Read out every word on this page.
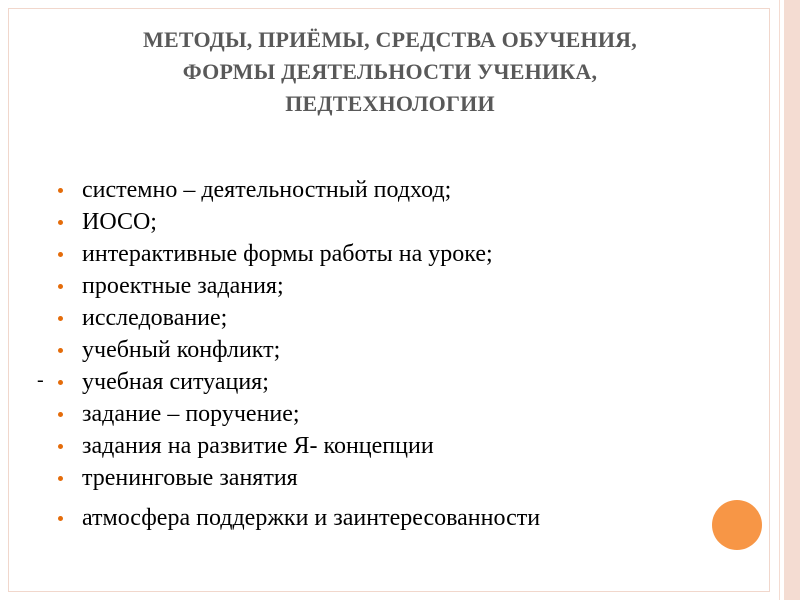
МЕТОДЫ, ПРИЁМЫ, СРЕДСТВА ОБУЧЕНИЯ,
ФОРМЫ ДЕЯТЕЛЬНОСТИ УЧЕНИКА,
ПЕДТЕХНОЛОГИИ
системно – деятельностный подход;
ИОСО;
интерактивные формы работы на уроке;
проектные задания;
исследование;
учебный конфликт;
учебная ситуация;
задание – поручение;
задания на развитие Я- концепции
тренинговые занятия
атмосфера поддержки и заинтересованности
-
